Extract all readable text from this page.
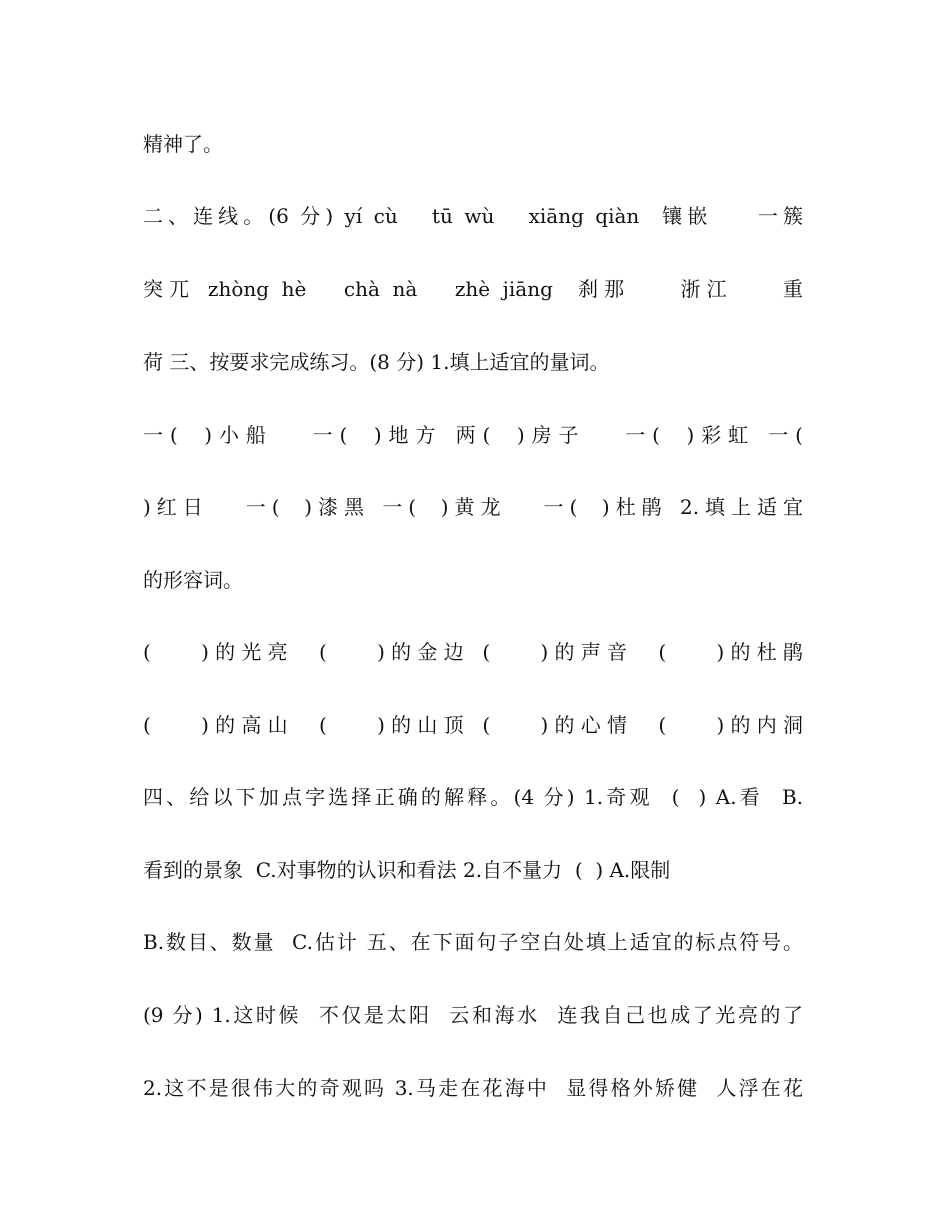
精神了。
二、连线。(6 分) yí cù   tū wù   xiāng qiàn  镶嵌    一簇
突兀 zhòng hè   chà nà   zhè jiāng  刹那    浙江    重
荷 三、按要求完成练习。(8 分) 1.填上适宜的量词。
一(  )小船   一(  )地方 两(  )房子   一(  )彩虹 一(
)红日   一(  )漆黑 一(  )黄龙   一(  )杜鹃 2.填上适宜
的形容词。
(    )的光亮  (    )的金边 (    )的声音  (    )的杜鹃
(    )的高山  (    )的山顶 (    )的心情  (    )的内洞
四、给以下加点字选择正确的解释。(4 分) 1.奇观  (  ) A.看  B.
看到的景象  C.对事物的认识和看法 2.自不量力  (  ) A.限制
B.数目、数量  C.估计 五、在下面句子空白处填上适宜的标点符号。
(9 分) 1.这时候  不仅是太阳  云和海水  连我自己也成了光亮的了
2.这不是很伟大的奇观吗 3.马走在花海中  显得格外矫健  人浮在花
